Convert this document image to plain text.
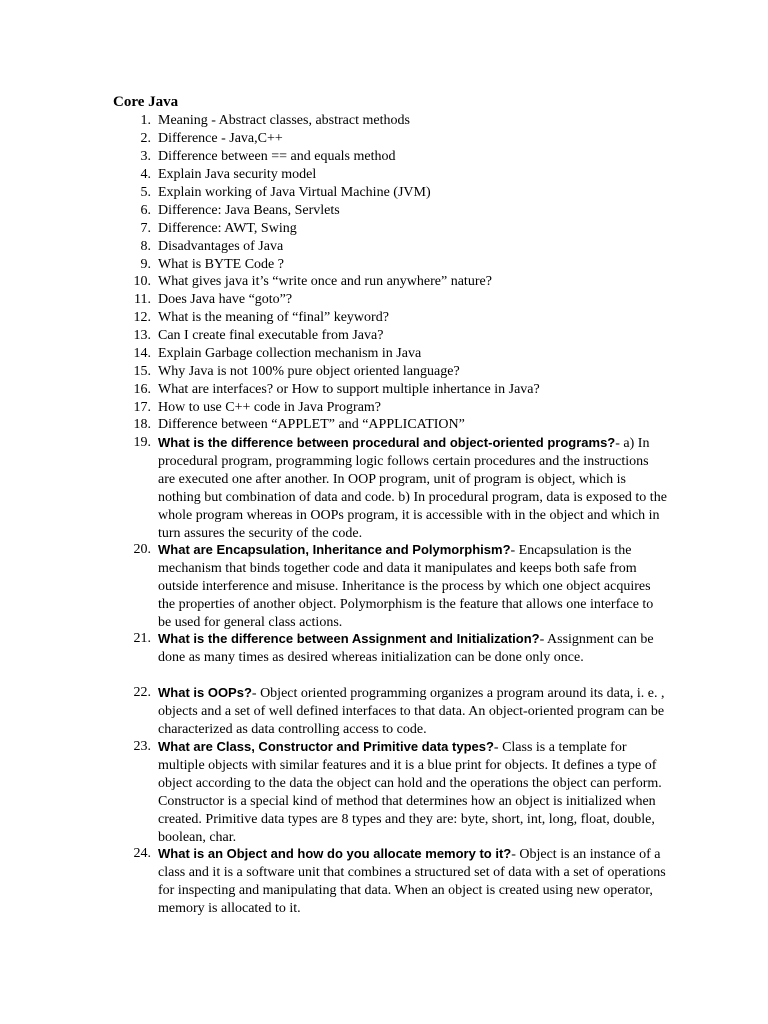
Core Java
1. Meaning - Abstract classes, abstract methods
2. Difference - Java,C++
3. Difference between == and equals method
4. Explain Java security model
5. Explain working of Java Virtual Machine (JVM)
6. Difference: Java Beans, Servlets
7. Difference: AWT, Swing
8. Disadvantages of Java
9. What is BYTE Code ?
10. What gives java it’s “write once and run anywhere” nature?
11. Does Java have “goto”?
12. What is the meaning of “final” keyword?
13. Can I create final executable from Java?
14. Explain Garbage collection mechanism in Java
15. Why Java is not 100% pure object oriented language?
16. What are interfaces? or How to support multiple inhertance in Java?
17. How to use C++ code in Java Program?
18. Difference between “APPLET” and “APPLICATION”
19. What is the difference between procedural and object-oriented programs?- a) In procedural program, programming logic follows certain procedures and the instructions are executed one after another. In OOP program, unit of program is object, which is nothing but combination of data and code. b) In procedural program, data is exposed to the whole program whereas in OOPs program, it is accessible with in the object and which in turn assures the security of the code.
20. What are Encapsulation, Inheritance and Polymorphism?- Encapsulation is the mechanism that binds together code and data it manipulates and keeps both safe from outside interference and misuse. Inheritance is the process by which one object acquires the properties of another object. Polymorphism is the feature that allows one interface to be used for general class actions.
21. What is the difference between Assignment and Initialization?- Assignment can be done as many times as desired whereas initialization can be done only once.
22. What is OOPs?- Object oriented programming organizes a program around its data, i. e. , objects and a set of well defined interfaces to that data. An object-oriented program can be characterized as data controlling access to code.
23. What are Class, Constructor and Primitive data types?- Class is a template for multiple objects with similar features and it is a blue print for objects. It defines a type of object according to the data the object can hold and the operations the object can perform. Constructor is a special kind of method that determines how an object is initialized when created. Primitive data types are 8 types and they are: byte, short, int, long, float, double, boolean, char.
24. What is an Object and how do you allocate memory to it?- Object is an instance of a class and it is a software unit that combines a structured set of data with a set of operations for inspecting and manipulating that data. When an object is created using new operator, memory is allocated to it.
